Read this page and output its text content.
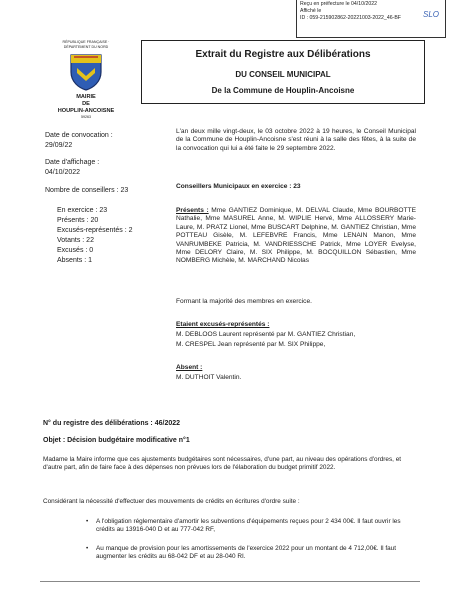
Reçu en préfecture le 04/10/2022
Affiché le
ID : 059-215902862-20221003-2022_46-BF	SLO
RÉPUBLIQUE FRANÇAISE · DÉPARTEMENT DU NORD
MAIRIE
DE
HOUPLIN-ANCOISNE
59263
Extrait du Registre aux Délibérations
DU CONSEIL MUNICIPAL
De la Commune de Houplin-Ancoisne
Date de convocation :
29/09/22
Date d'affichage :
04/10/2022
Nombre de conseillers : 23
En exercice : 23
Présents : 20
Excusés-représentés : 2
Votants : 22
Excusés : 0
Absents : 1
L'an deux mille vingt-deux, le 03 octobre 2022 à 19 heures, le Conseil Municipal de la Commune de Houplin-Ancoisne s'est réuni à la salle des fêtes, à la suite de la convocation qui lui a été faite le 29 septembre 2022.
Conseillers Municipaux en exercice : 23
Présents : Mme GANTIEZ Dominique, M. DELVAL Claude, Mme BOURBOTTE Nathalie, Mme MASUREL Anne, M. WIPLIE Hervé, Mme ALLOSSERY Marie-Laure, M. PRATZ Lionel, Mme BUSCART Delphine, M. GANTIEZ Christian, Mme POTTEAU Gisèle, M. LEFEBVRE Francis, Mme LENAIN Manon, Mme VANRUMBEKE Patricia, M. VANDRIESSCHE Patrick, Mme LOYER Evelyse, Mme DELORY Claire, M. SIX Philippe, M. BOCQUILLON Sébastien, Mme NOMBERG Michèle, M. MARCHAND Nicolas
Formant la majorité des membres en exercice.
Etaient excusés-représentés :
M. DEBLOOS Laurent représenté par M. GANTIEZ Christian,
M. CRESPEL Jean représenté par M. SIX Philippe,
Absent :
M. DUTHOIT Valentin.
N° du registre des délibérations : 46/2022
Objet : Décision budgétaire modificative n°1
Madame la Maire informe que ces ajustements budgétaires sont nécessaires, d'une part, au niveau des opérations d'ordres, et d'autre part, afin de faire face à des dépenses non prévues lors de l'élaboration du budget primitif 2022.
Considérant la nécessité d'effectuer des mouvements de crédits en écritures d'ordre suite :
• A l'obligation réglementaire d'amortir les subventions d'équipements reçues pour 2 434 00€. Il faut ouvrir les crédits au 13916-040 D et au 777-042 RF,
• Au manque de provision pour les amortissements de l'exercice 2022 pour un montant de 4 712,00€. Il faut augmenter les crédits au 68-042 DF et au 28-040 RI.
